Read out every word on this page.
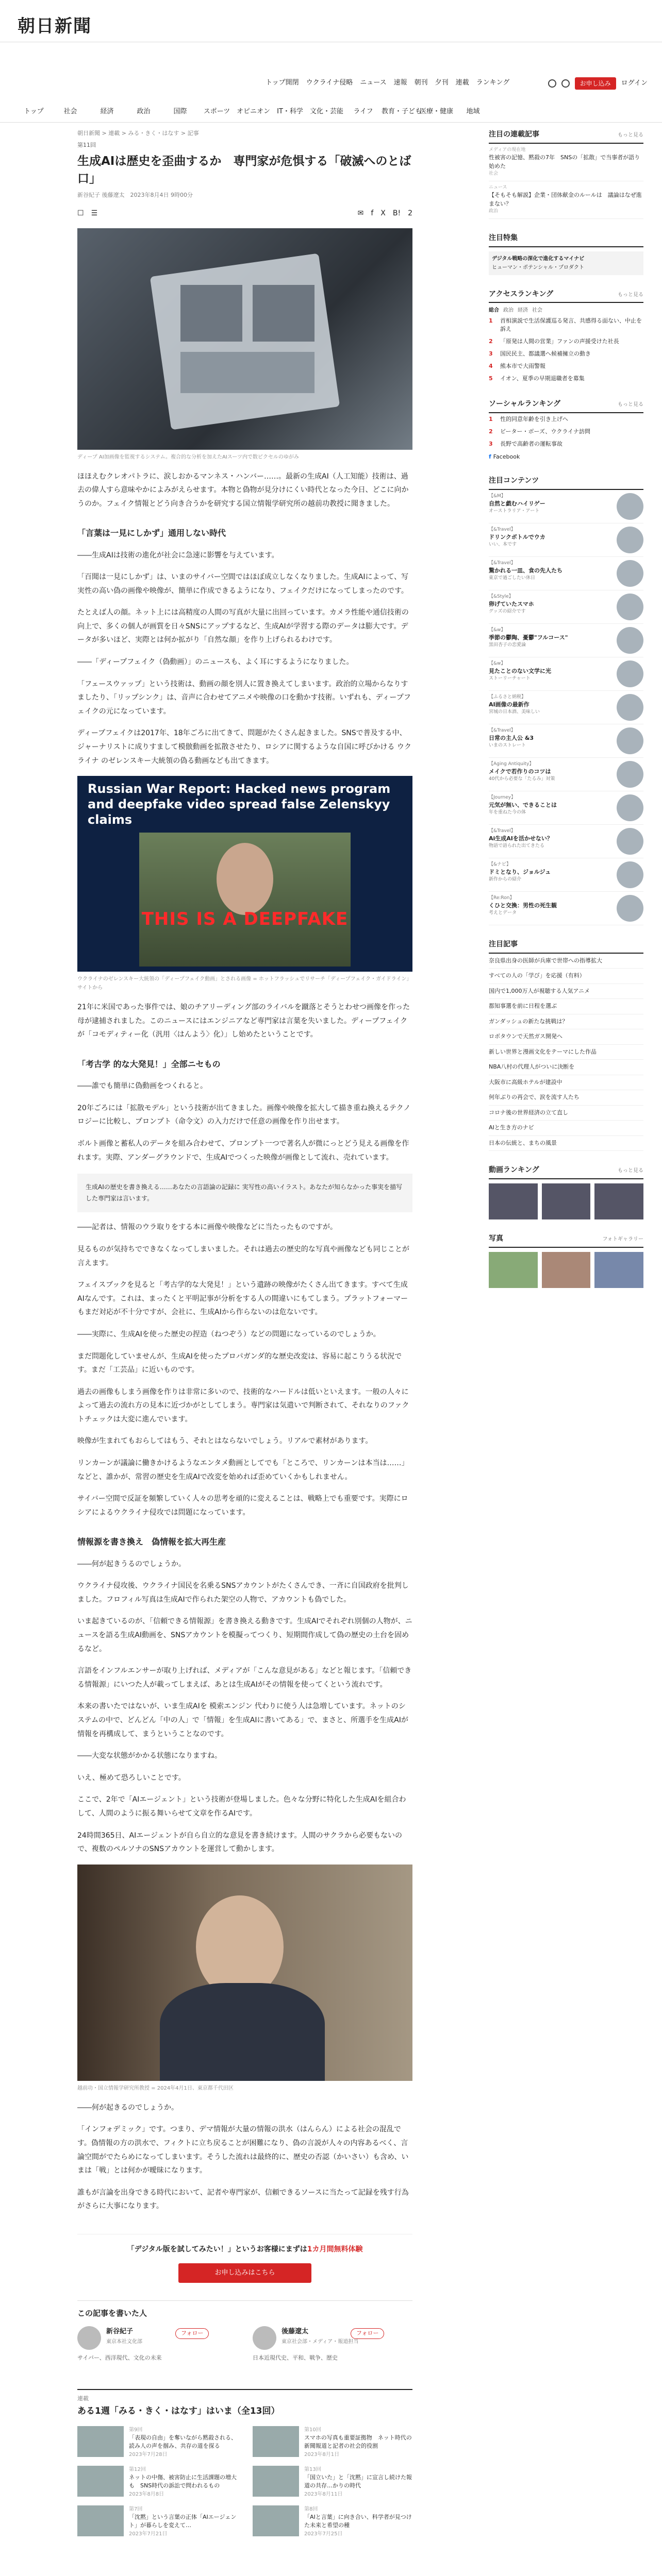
朝日新聞
トップ開閉 ウクライナ侵略 ニュース 速報 朝刊 夕刊 連載 ランキング	お申し込み	ログイン
トップ	社会	経済	政治	国際	スポーツ オピニオン	IT・科学	文化・芸能	ライフ	教育・子ども
医療・健康	地域
朝日新聞 > 連載 > みる・きく・はなす > 記事
第11回
生成AIは歴史を歪曲するか　専門家が危惧する「破滅へのとば口」
新谷紀子 後藤遼太　2023年8月4日 9時00分
☐ ☰	✉ f X B! 2
ディープ AI加画像を監視するシステム。複合的な分析を加えたAIスーツ内で数ピクセルのゆがみ

ほほえむクレオパトラに、涙しおかるマンネス・ハンバー……。最新の生成AI（人工知能）技術は、過去の偉人すら意味やかによみがえらせます。本物と偽物が見分けにくい時代となった今日、どこに向かうのか。フェイク情報とどう向き合うかを研究する国立情報学研究所の越前功教授に聞きました。

「言葉は一見にしかず」通用しない時代

――生成AIは技術の進化が社会に急速に影響を与えています。

「百聞は一見にしかず」は、いまのサイバー空間ではほぼ成立しなくなりました。生成AIによって、写実性の高い偽の画像や映像が、簡単に作成できるようになり、フェイクだけになってしまったのです。

たとえば人の顔。ネット上には高精度の人間の写真が大量に出回っています。カメラ性能や通信技術の向上で、多くの個人が画質を日々SNSにアップするなど、生成AIが学習する際のデータは膨大です。データが多いほど、実際とは何か拡がり「自然な顔」を作り上げられるわけです。

――「ディープフェイク（偽動画）」のニュースも、よく耳にするようになりました。

「フェースウァップ」という技術は、動画の顔を別人に置き換えてしまいます。政治的立場からなりすましたり、「リップシンク」は、音声に合わせてアニメや映像の口を動かす技術。いずれも、ディープフェイクの元になっています。

ディープフェイクは2017年、18年ごろに出てきて、問題がたくさん起きました。SNSで普及する中、ジャーナリストに成りすまして模倣動画を拡散させたり、ロシアに関するような自国に呼びかける ウクライナ のゼレンスキー大統領の偽る動画なども出てきます。

Russian War Report: Hacked news program and deepfake video spread false Zelenskyy claims
THIS IS A DEEPFAKE
ウクライナのゼレンスキー大統領の「ディープフェイク動画」とされる画像 = ホットフラッシュでリサーチ「ディープフェイク・ガイドライン」サイトから

21年に米国であった事件では、娘のチアリーディング部のライバルを蹴落とそうとわせつ画像を作った母が逮捕されました。このニュースにはエンジニアなど専門家は言葉を失いました。ディープフェイクが「コモディティー化（汎用〈はんよう〉化）」し始めたということです。

「考古学 的な大発見！」全部ニセもの

――誰でも簡単に偽動画をつくれると。

20年ごろには「拡散モデル」という技術が出てきました。画像や映像を拡大して描き重ね換えるテクノロジーに比較し、プロンプト（命令文）の入力だけで任意の画像を作り出せます。

ボルト画像と蓄私人のデータを組み合わせて、プロンプト一つで著名人が微にっとどう見える画像を作れます。実際、アンダーグラウンドで、生成AIでつくった映像が画像として流れ、売れています。

生成AIの歴史を書き換える……あなたの言語論の記録に 実写性の高いイラスト。あなたが知らなかった事実を描写した専門家は言います。

――記者は、情報のウラ取りをする本に画像や映像などに当たったものですが。

見るものが気持ちでできなくなってしまいました。それは過去の歴史的な写真や画像なども同じことが言えます。

フェイスブックを見ると「考古学的な大発見！」という遺跡の映像がたくさん出てきます。すべて生成AIなんです。これは、まったくと平明記事が分析をする人の間違いにもてしまう。プラットフォーマーもまだ対応が不十分ですが、会社に、生成AIから作らないのは危ないです。

――実際に、生成AIを使った歴史の捏造（ねつぞう）などの問題になっているのでしょうか。

まだ問題化していませんが、生成AIを使ったプロパガンダ的な歴史改変は、容易に起こりうる状況です。まだ「工芸品」に近いものです。

過去の画像もしまう画像を作りは非常に多いので、技術的なハードルは低いといえます。一般の人々によって過去の流れ方の見本に近づかがとしてしまう。専門家は気遣いで判断されて、それなりのファクトチェックは大変に進んでいます。

映像が生まれてもおらしてはもう、それとはならないでしょう。リアルで素材があります。

リンカーンが議論に働きかけるようなエンタメ動画としてでも「ところで、リンカーンは本当は……」などと、誰かが、常習の歴史を生成AIで改変を始めれば歪めていくかもしれません。

サイバー空間で反証を頻繁していく人々の思考を頑的に変えることは、戦略上でも重要です。実際にロシアによるウクライナ侵攻では問題になっています。

情報源を書き換え　偽情報を拡大再生産

――何が起きうるのでしょうか。

ウクライナ侵攻後、ウクライナ国民を名乗るSNSアカウントがたくさんでき、一斉に自国政府を批判しました。フロフィル写真は生成AIで作られた架空の人物で、アカウントも偽でした。

いま起きているのが、「信頼できる情報源」を書き換える動きです。生成AIでそれぞれ別個の人物が、ニュースを語る生成AI動画を、SNSアカウントを模擬ってつくり、短期間作成して偽の歴史の土台を固めるなど。

言語をインフルエンサーが取り上げれば、メディアが「こんな意見がある」などと報じます。「信頼できる情報源」にいつた人が載ってしまえば、あとは生成AIがその情報を使ってくという流れです。

本来の書いたではないが、いま生成AIを 模索エンジン 代わりに使う人は急増しています。ネットのシステムの中で、どんどん「中の人」で「情報」を生成AIに書いてある」で、まさと、所選手を生成AIが情報を再構成して、まうということなのです。

――大変な状態がかかる状態になりますね。

いえ、極めて恐ろしいことです。

ここで、2年で「AIエージェント」という技術が登場しました。色々な分野に特化した生成AIを組合わして、人間のように振る舞いらせて文章を作るAIです。

24時間365日、AIエージェントが自ら自立的な意見を書き続けます。人間のサクラから必要もないので、複数のペルソナのSNSアカウントを運営して動かします。

越前功・国立情報学研究所教授 = 2024年4月1日、東京都千代田区

――何が起きるのでしょうか。

「インフォデミック」です。つまり、デマ情報が大量の情報の洪水（はんらん）による社会の混乱です。偽情報の方の洪水で、フィクトに立ち戻ることが困難になり、偽の言説が人々の内容あるべく、言論空間がでたらめになってしまいます。そうした流れは最終的に、歴史の否認（かいさい）も含め、いまは「戦」とは何かが曖昧になります。

誰もが言論を出身できる時代において、記者や専門家が、信頼できるソースに当たって記録を残す行為がさらに大事になります。

「デジタル版を試してみたい！」というお客様にまずは1カ月間無料体験
お申し込みはこちら
この記事を書いた人
新谷紀子
東京本社文化部
フォロー
サイバー、西洋現代、文化の未来
後藤遼太
東京社会部・メディア・報道担当
フォロー
日本近現代史、平和、戦争、歴史
連載
ある1週「みる・きく・はなす」はいま（全13回）
第9回
「表現の自由」を奪いながら黙殺される、読み人の声を掴み、共存の道を探る
2023年7月28日
第10回
スマホの写真も重要証拠物　ネット時代の新聞報道と記者の社会的役割
2023年8月1日
第12回
ネットの中傷、被害防止に生活課題の増大も　SNS時代の訴訟で問われるもの
2023年8月8日
第13回
「国立いた」と「沈黙」に宣言し続けた報道の共存…かりの時代
2023年8月11日
第7回
「沈黙」という言葉の正体「AIエージェント」が暮らしを変えて…
2023年7月21日
第8回
「AIと言葉」に向き合い、科学者が見つけた未来と希望の種
2023年7月25日
注目の連載記事	もっと見る
メディアの現在地
性被害の記憶、黙殺の7年　SNSの「拡散」で当事者が語り始めた
社会
ニュース
【そもそも解説】企業・団体献金のルールは　議論はなぜ進まない？
政治
注目特集
デジタル戦略の深化で進化するマイナビ
ヒューマン・ポテンシャル・プロダクト
アクセスランキング	もっと見る
総合 政治 経済 社会
1	首相演説で生活保護巡る発言、共感得る面ない、中止を訴え
2	「原発は人間の営業」ファンの声援受けた社長
3	国民民主、都議選へ候補擁立の動き
4	熊本市で大雨警報
5	イオン、夏季の早期退職者を募集
ソーシャルランキング	もっと見る
1	性的同意年齢を引き上げへ
2	ビーター・ボーズ、ウクライナ訪問
3	長野で高齢者の運転事故
f Facebook
注目コンテンツ
【&M】
自然と戯むハイリゲー
オーストラリア・アート
【&Travel】
ドリンクボトルでウカ
いい、本です
【&Travel】
驚かれる一皿、食の先人たち
東京で過ごしたい休日
【&Style】
卵げていたスマホ
グッズの紹介です
【&w】
季節の鬱陶、憂鬱"フルコース"
黒田杏子の恋愛論
【&w】
見たことのない文学に光
ストーリーチャート
【ふるさと納税】
AI画像の最新作
宮城の日本酒、美味しい
【&Travel】
日常の主人公 &3
いまのストレート
【Aging Antiquity】
メイクで若作りのコツは
40代から必要な「たるみ」対策
【Journey】
元気が無い、できることは
年を重ねた今の体
【&Travel】
Ai生成AIを活かせない？
物語で語られた出てきたる
【&ナビ】
ドミとなり、ジョルジュ
新作からの紹介
【Re:Ron】
くひと交換：男性の死生観
考えとデータ
注目記事
奈良県出身の医師が兵庫で世帯への指導拡大
すべての人の「学び」を応援（有料）
国内で1,000万人が視聴する人気アニメ
都知事選を前に日程を選ぶ
ガンダッシュの新たな挑戦は？
ロボタウンで天然ガス開発へ
新しい世界と漫画文化をテーマにした作品
NBA八村の代理人がついに決断を
大阪市に高級ホテルが建設中
何年ぶりの再会で、涙を流す人たち
コロナ後の世界経済の立て直し
AIと生き方のナビ
日本の伝統と、まちの風景
動画ランキング	もっと見る
写真	フォトギャラリー
